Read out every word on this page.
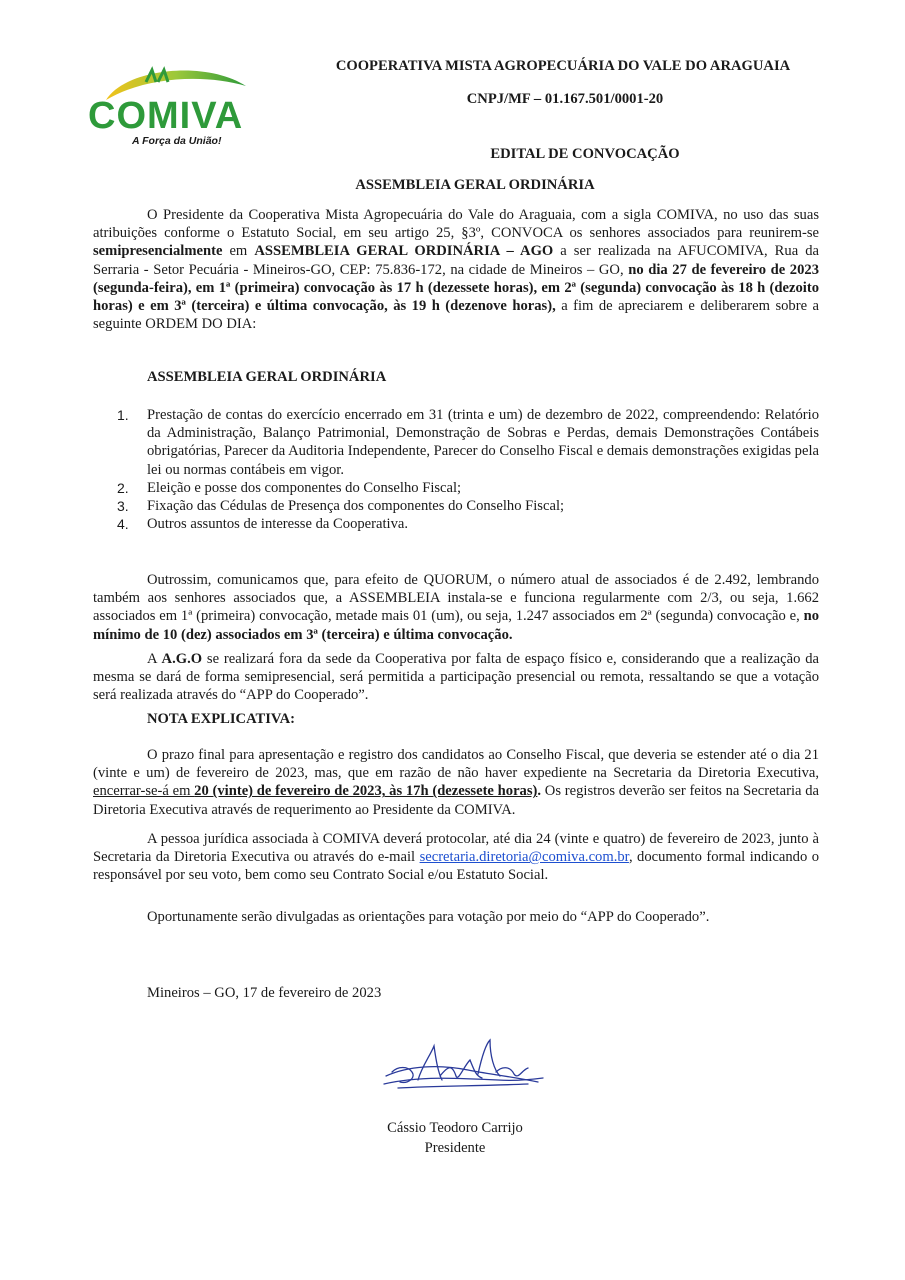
COMIVA
A Força da União!
COOPERATIVA MISTA AGROPECUÁRIA DO VALE DO ARAGUAIA
CNPJ/MF – 01.167.501/0001-20
EDITAL DE CONVOCAÇÃO
ASSEMBLEIA GERAL ORDINÁRIA

O Presidente da Cooperativa Mista Agropecuária do Vale do Araguaia, com a sigla COMIVA, no uso das suas atribuições conforme o Estatuto Social, em seu artigo 25, §3º, CONVOCA os senhores associados para reunirem-se semipresencialmente em ASSEMBLEIA GERAL ORDINÁRIA – AGO a ser realizada na AFUCOMIVA, Rua da Serraria - Setor Pecuária - Mineiros-GO, CEP: 75.836-172, na cidade de Mineiros – GO, no dia 27 de fevereiro de 2023 (segunda-feira), em 1ª (primeira) convocação às 17 h (dezessete horas), em 2ª (segunda) convocação às 18 h (dezoito horas) e em 3ª (terceira) e última convocação, às 19 h (dezenove horas), a fim de apreciarem e deliberarem sobre a seguinte ORDEM DO DIA:

ASSEMBLEIA GERAL ORDINÁRIA
1.	Prestação de contas do exercício encerrado em 31 (trinta e um) de dezembro de 2022, compreendendo: Relatório da Administração, Balanço Patrimonial, Demonstração de Sobras e Perdas, demais Demonstrações Contábeis obrigatórias, Parecer da Auditoria Independente, Parecer do Conselho Fiscal e demais demonstrações exigidas pela lei ou normas contábeis em vigor.
2.	Eleição e posse dos componentes do Conselho Fiscal;
3.	Fixação das Cédulas de Presença dos componentes do Conselho Fiscal;
4.	Outros assuntos de interesse da Cooperativa.

Outrossim, comunicamos que, para efeito de QUORUM, o número atual de associados é de 2.492, lembrando também aos senhores associados que, a ASSEMBLEIA instala-se e funciona regularmente com 2/3, ou seja, 1.662 associados em 1ª (primeira) convocação, metade mais 01 (um), ou seja, 1.247 associados em 2ª (segunda) convocação e, no mínimo de 10 (dez) associados em 3ª (terceira) e última convocação.

A A.G.O se realizará fora da sede da Cooperativa por falta de espaço físico e, considerando que a realização da mesma se dará de forma semipresencial, será permitida a participação presencial ou remota, ressaltando se que a votação será realizada através do “APP do Cooperado”.

NOTA EXPLICATIVA:

O prazo final para apresentação e registro dos candidatos ao Conselho Fiscal, que deveria se estender até o dia 21 (vinte e um) de fevereiro de 2023, mas, que em razão de não haver expediente na Secretaria da Diretoria Executiva, encerrar-se-á em 20 (vinte) de fevereiro de 2023, às 17h (dezessete horas). Os registros deverão ser feitos na Secretaria da Diretoria Executiva através de requerimento ao Presidente da COMIVA.

A pessoa jurídica associada à COMIVA deverá protocolar, até dia 24 (vinte e quatro) de fevereiro de 2023, junto à Secretaria da Diretoria Executiva ou através do e-mail secretaria.diretoria@comiva.com.br, documento formal indicando o responsável por seu voto, bem como seu Contrato Social e/ou Estatuto Social.

Oportunamente serão divulgadas as orientações para votação por meio do “APP do Cooperado”.

Mineiros – GO, 17 de fevereiro de 2023
Cássio Teodoro Carrijo
Presidente
